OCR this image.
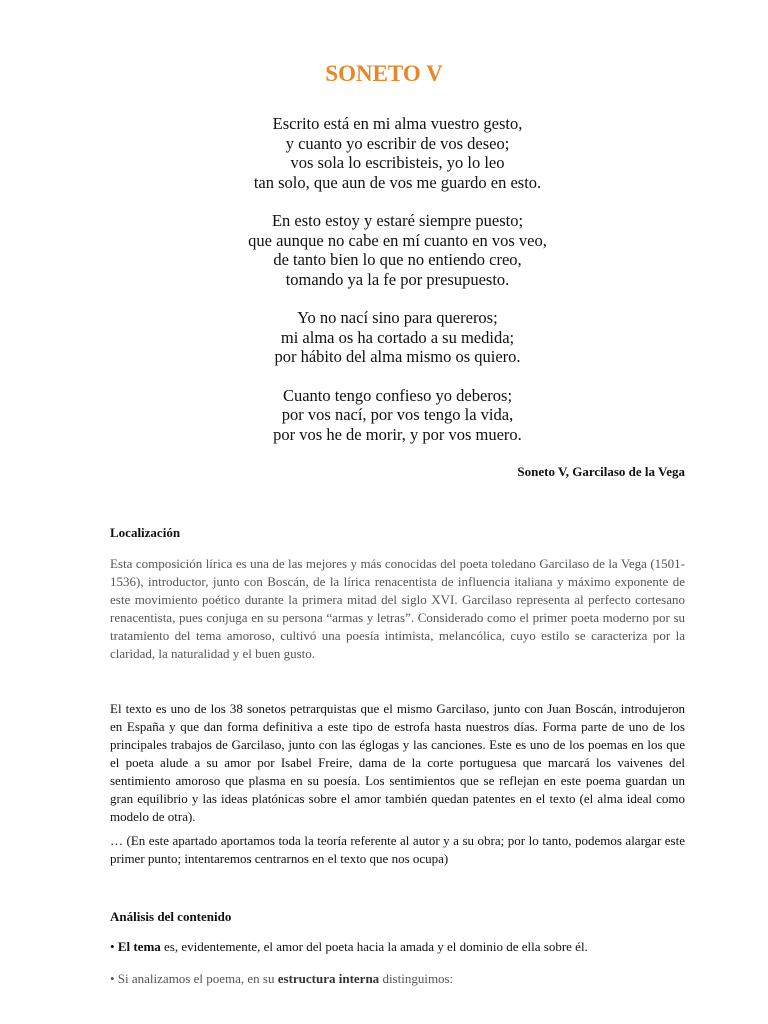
SONETO V

Escrito está en mi alma vuestro gesto,
y cuanto yo escribir de vos deseo;
vos sola lo escribisteis, yo lo leo
tan solo, que aun de vos me guardo en esto.

En esto estoy y estaré siempre puesto;
que aunque no cabe en mí cuanto en vos veo,
de tanto bien lo que no entiendo creo,
tomando ya la fe por presupuesto.

Yo no nací sino para quereros;
mi alma os ha cortado a su medida;
por hábito del alma mismo os quiero.

Cuanto tengo confieso yo deberos;
por vos nací, por vos tengo la vida,
por vos he de morir, y por vos muero.

Soneto V, Garcilaso de la Vega
Localización

Esta composición lírica es una de las mejores y más conocidas del poeta toledano Garcilaso de la Vega (1501-1536), introductor, junto con Boscán, de la lírica renacentista de influencia italiana y máximo exponente de este movimiento poético durante la primera mitad del siglo XVI. Garcilaso representa al perfecto cortesano renacentista, pues conjuga en su persona “armas y letras”. Considerado como el primer poeta moderno por su tratamiento del tema amoroso, cultivó una poesía intimista, melancólica, cuyo estilo se caracteriza por la claridad, la naturalidad y el buen gusto.

El texto es uno de los 38 sonetos petrarquistas que el mismo Garcilaso, junto con Juan Boscán, introdujeron en España y que dan forma definitiva a este tipo de estrofa hasta nuestros días. Forma parte de uno de los principales trabajos de Garcilaso, junto con las églogas y las canciones. Este es uno de los poemas en los que el poeta alude a su amor por Isabel Freire, dama de la corte portuguesa que marcará los vaivenes del sentimiento amoroso que plasma en su poesía. Los sentimientos que se reflejan en este poema guardan un gran equilibrio y las ideas platónicas sobre el amor también quedan patentes en el texto (el alma ideal como modelo de otra).

… (En este apartado aportamos toda la teoría referente al autor y a su obra; por lo tanto, podemos alargar este primer punto; intentaremos centrarnos en el texto que nos ocupa)

Análisis del contenido

• El tema es, evidentemente, el amor del poeta hacia la amada y el dominio de ella sobre él.

• Si analizamos el poema, en su estructura interna distinguimos:
